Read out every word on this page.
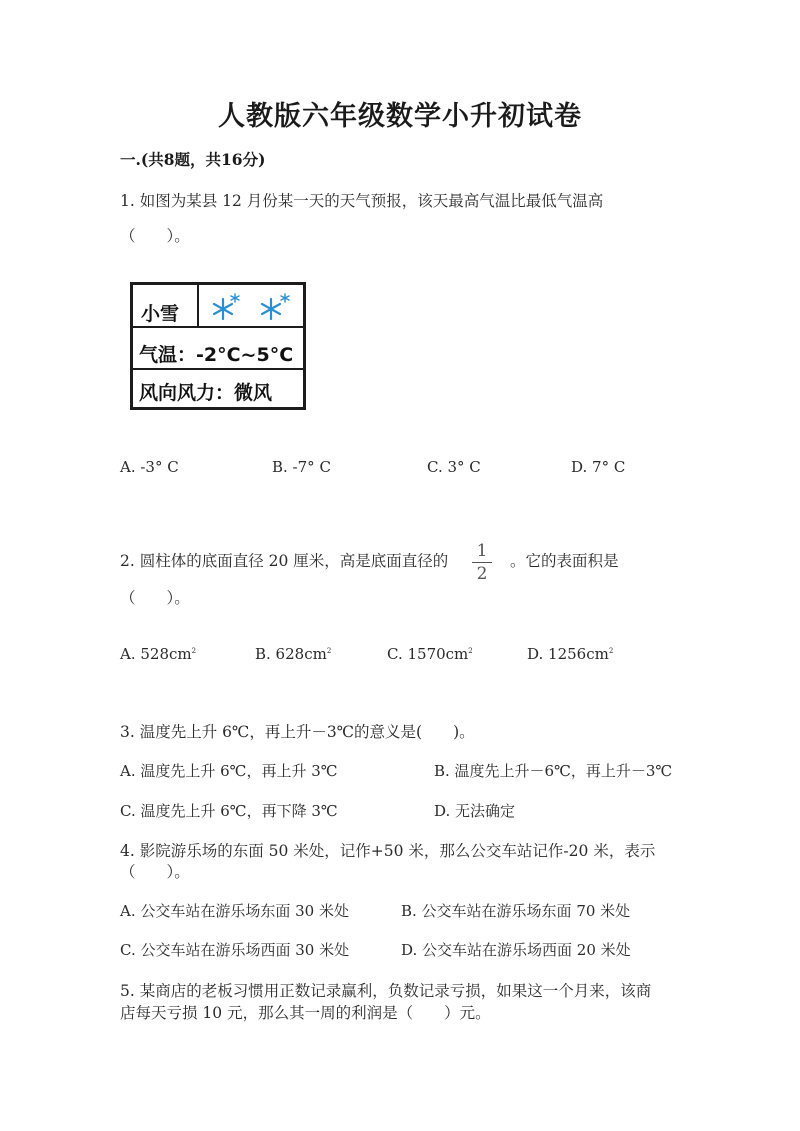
人教版六年级数学小升初试卷
一.(共8题，共16分)
1. 如图为某县 12 月份某一天的天气预报，该天最高气温比最低气温高
（　　）。
小雪
气温：-2°C~5°C
风向风力：微风
A. -3° C	B. -7° C	C. 3° C	D. 7° C
2. 圆柱体的底面直径 20 厘米，高是底面直径的 1
2
。它的表面积是
（　　）。
A. $528cm^2$	B. $628cm^2$	C. $1570cm^2$	D. $1256cm^2$
3. 温度先上升 6℃，再上升－3℃的意义是(　　)。
A. 温度先上升 6℃，再上升 3℃	B. 温度先上升－6℃，再上升－3℃
C. 温度先上升 6℃，再下降 3℃	D. 无法确定
4. 影院游乐场的东面 50 米处，记作+50 米，那么公交车站记作-20 米，表示
（　　）。
A. 公交车站在游乐场东面 30 米处	B. 公交车站在游乐场东面 70 米处
C. 公交车站在游乐场西面 30 米处	D. 公交车站在游乐场西面 20 米处
5. 某商店的老板习惯用正数记录赢利，负数记录亏损，如果这一个月来，该商
店每天亏损 10 元，那么其一周的利润是（　　）元。
